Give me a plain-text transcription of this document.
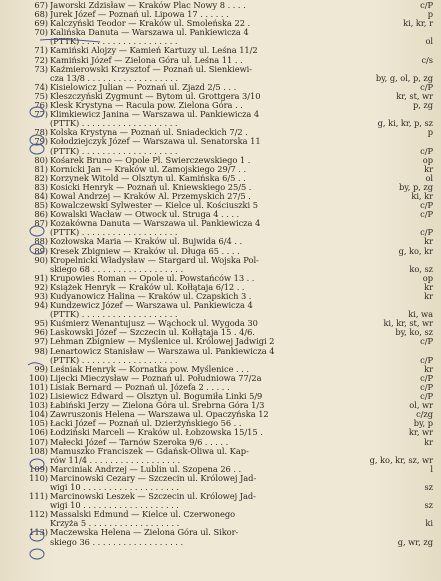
67) Jaworski Zdzisław — Kraków Plac Nowy 8 . . . .	c/P
68) Jurek Józef — Poznań ul. Lipowa 17 . . . . . .	p
69) Kalczyński Teodor — Kraków ul. Smoleńska 22 .	ki, kr, r
70) Kalińska Danuta — Warszawa ul. Pankiewicza 4
(PTTK) . . . . . . . . . . . . . . . . . . .	ol
71) Kamiński Alojzy — Kamień Kartuzy ul. Leśna 11/2
72) Kamiński Józef — Zielona Góra ul. Leśna 11 . .	c/s
73) Kaźmierowski Krzysztof — Poznań ul. Sienkiewi-
cza 13/8 . . . . . . . . . . . . . . . . . .	by, g, ol, p, zg
74) Kisielowicz Julian — Poznań ul. Zjazd 2/5 . . .	c/P
75) Kleszczyński Zygmunt — Bytom ul. Grottgera 3/10	kr, st, wr
76) Klesk Krystyna — Racula pow. Zielona Góra . .	p, zg
77) Klimkiewicz Janina — Warszawa ul. Pankiewicza 4
(PTTK) . . . . . . . . . . . . . . . . . . .	g, ki, kr, p, sz
78) Kolska Krystyna — Poznań ul. Śniadeckich 7/2 .	p
79) Kołodziejczyk Józef — Warszawa ul. Senatorska 11
(PTTK) . . . . . . . . . . . . . . . . . . .	c/P
80) Kośarek Bruno — Opole Pl. Świerczewskiego 1 .	op
81) Kornicki Jan — Kraków ul. Zamojskiego 29/7 . .	kr
82) Korzynek Witold — Olsztyn ul. Kamińska 6/5 . .	ol
83) Kosicki Henryk — Poznań ul. Kniewskiego 25/5 .	by, p, zg
84) Kowal Andrzej — Kraków Al. Przemyskich 27/5 .	ki, kr
85) Kowalczewski Sylwester — Kielce ul. Kościuszki 5	c/P
86) Kowalski Wacław — Otwock ul. Struga 4 . . . .	c/P
87) Kozakówna Danuta — Warszawa ul. Pankiewicza 4
(PTTK) . . . . . . . . . . . . . . . . . . .	c/P
88) Kozłowska Maria — Kraków ul. Bujwida 6/4 . .	kr
89) Kresek Zbigniew — Kraków ul. Długa 65 . . . .	g, ko, kr
90) Kropelnicki Władysław — Stargard ul. Wojska Pol-
skiego 68 . . . . . . . . . . . . . . . . . .	ko, sz
91) Krupowies Roman — Opole ul. Powstańców 13 . .	op
92) Książek Henryk — Kraków ul. Kołłątaja 6/12 . .	kr
93) Kudyanowicz Halina — Kraków ul. Czapskich 3 .	kr
94) Kundzewicz Józef — Warszawa ul. Pankiewicza 4
(PTTK) . . . . . . . . . . . . . . . . . . .	ki, wa
95) Kuśmierz Wenantujusz — Wąchock ul. Wygoda 30	ki, kr, st, wr
96) Laskowski Józef — Szczecin ul. Kołłątaja 15 . 4/6.	by, ko, sz
97) Lehman Zbigniew — Myślenice ul. Królowej Jadwigi 2	c/P
98) Lenartowicz Stanisław — Warszawa ul. Pankiewicza 4
(PTTK) . . . . . . . . . . . . . . . . . . .	c/P
99) Leśniak Henryk — Kornatka pow. Myślenice . . .	kr
100) Lijecki Mieczysław — Poznań ul. Południowa 77/2a	c/P
101) Lisiak Bernard — Poznań ul. Józefa 2 . . . . .	c/P
102) Lisiewicz Edward — Olsztyn ul. Bogumiła Linki 5/9	c/P
103) Łabiński Jerzy — Zielona Góra ul. Srebrna Góra 1/3	ol, wr
104) Zawruszonis Helena — Warszawa ul. Opaczyńska 12	c/zg
105) Łacki Józef — Poznań ul. Dzierżyńskiego 56 . .	by, p
106) Łodziński Marceli — Kraków ul. Łobzowska 15/15 .	kr, wr
107) Małecki Józef — Tarnów Szeroka 9/6 . . . . .	kr
108) Mamuszko Franciszek — Gdańsk-Oliwa ul. Kap-
rów 11/4 . . . . . . . . . . . . . . . . . .	g, ko, kr, sz, wr
109) Marciniak Andrzej — Lublin ul. Szopena 26 . .	l
110) Marcinowski Cezary — Szczecin ul. Królowej Jad-
wigi 10 . . . . . . . . . . . . . . . . . . .	sz
111) Marcinowski Leszek — Szczecin ul. Królowej Jad-
wigi 10 . . . . . . . . . . . . . . . . . . .	sz
112) Massalski Edmund — Kielce ul. Czerwonego
Krzyża 5 . . . . . . . . . . . . . . . . . .	ki
113) Maczewska Helena — Zielona Góra ul. Sikor-
skiego 36 . . . . . . . . . . . . . . . . . .	g, wr, zg
